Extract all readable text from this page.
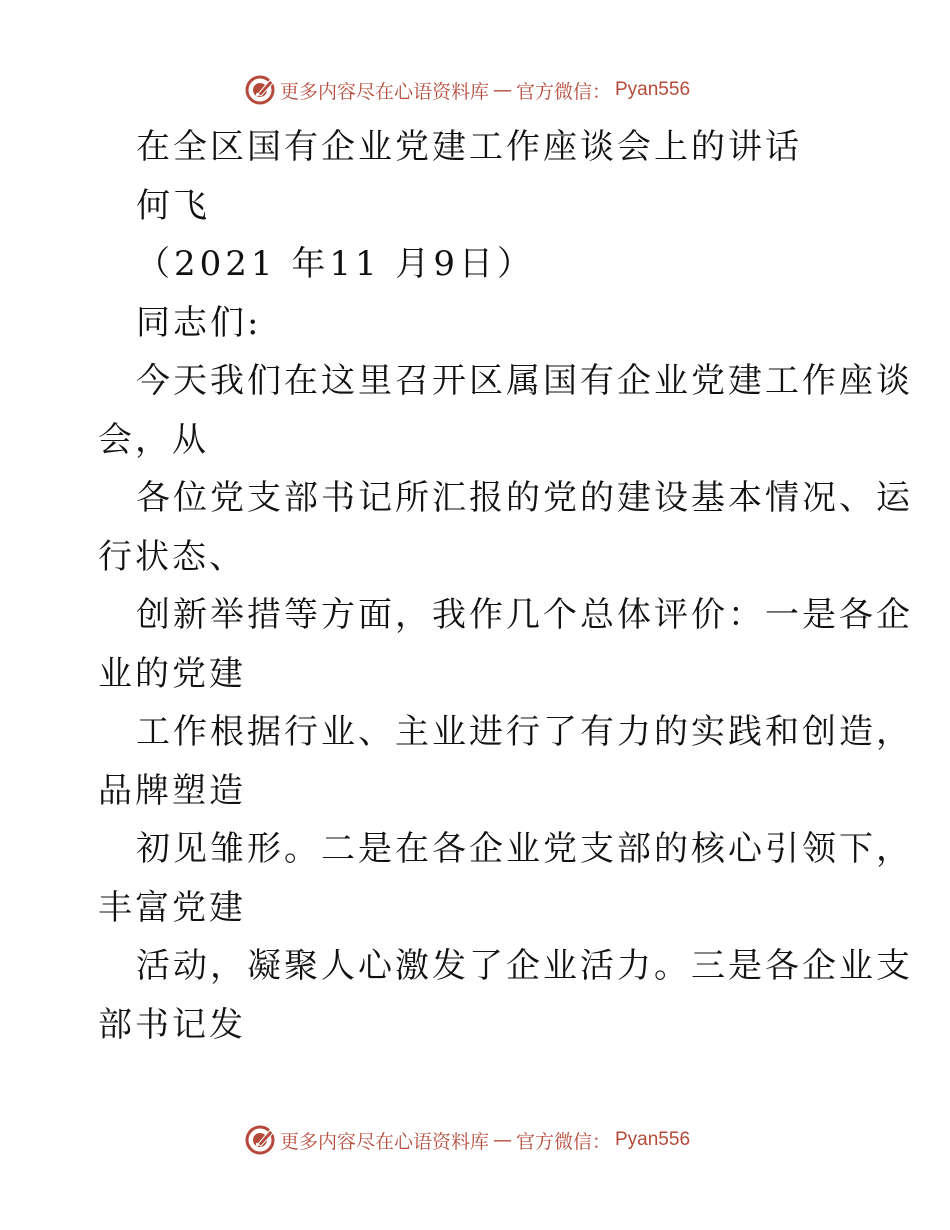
更多内容尽在心语资料库 — 官方微信： Pyan556
在全区国有企业党建工作座谈会上的讲话
何飞
（2021 年11 月9日）
同志们:
今天我们在这里召开区属国有企业党建工作座谈
会，从
各位党支部书记所汇报的党的建设基本情况、运
行状态、
创新举措等方面，我作几个总体评价：一是各企
业的党建
工作根据行业、主业进行了有力的实践和创造，
品牌塑造
初见雏形。二是在各企业党支部的核心引领下，
丰富党建
活动，凝聚人心激发了企业活力。三是各企业支
部书记发
更多内容尽在心语资料库 — 官方微信： Pyan556
